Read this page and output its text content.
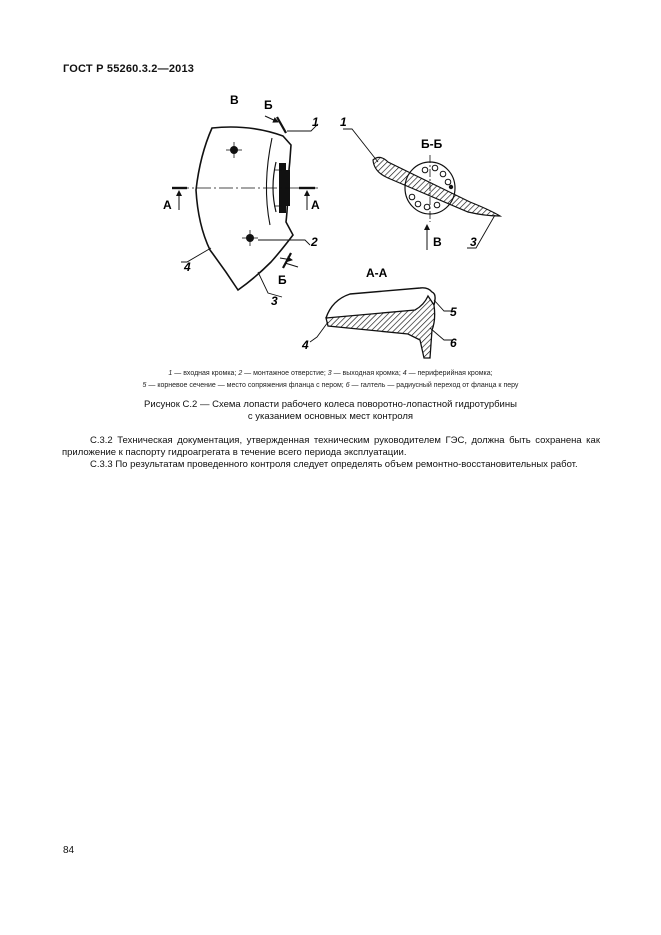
ГОСТ Р 55260.3.2—2013
В Б
Б
А	А
1
2
4
3
Б-Б
В
1
3
А-А
4
5
6
1 — входная кромка; 2 — монтажное отверстие; 3 — выходная кромка; 4 — периферийная кромка;
5 — корневое сечение — место сопряжения фланца с пером; 6 — галтель — радиусный переход от фланца к перу
Рисунок С.2 — Схема лопасти рабочего колеса поворотно-лопастной гидротурбины
с указанием основных мест контроля
С.3.2 Техническая документация, утвержденная техническим руководителем ГЭС, должна быть сохранена как приложение к паспорту гидроагрегата в течение всего периода эксплуатации.
С.3.3 По результатам проведенного контроля следует определять объем ремонтно-восстановительных работ.
84
